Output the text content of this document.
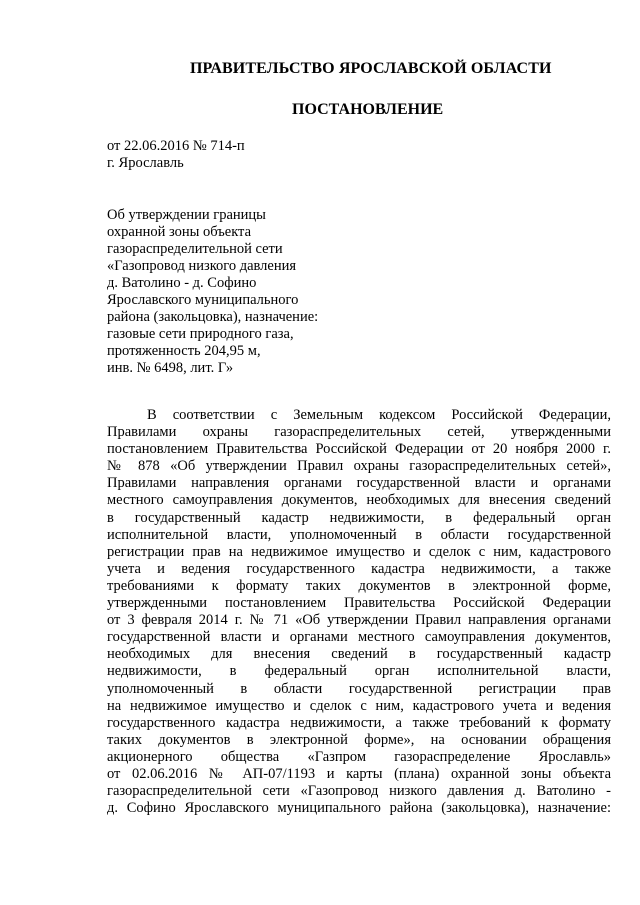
ПРАВИТЕЛЬСТВО ЯРОСЛАВСКОЙ ОБЛАСТИ
ПОСТАНОВЛЕНИЕ
от 22.06.2016 № 714-п
г. Ярославль
Об утверждении границы
охранной зоны объекта
газораспределительной сети
«Газопровод низкого давления
д. Ватолино - д. Софино
Ярославского муниципального
района (закольцовка), назначение:
газовые сети природного газа,
протяженность 204,95 м,
инв. № 6498, лит. Г»
В соответствии с Земельным кодексом Российской Федерации,
Правилами охраны газораспределительных сетей, утвержденными
постановлением Правительства Российской Федерации от 20 ноября 2000 г.
№ 878 «Об утверждении Правил охраны газораспределительных сетей»,
Правилами направления органами государственной власти и органами
местного самоуправления документов, необходимых для внесения сведений
в государственный кадастр недвижимости, в федеральный орган
исполнительной власти, уполномоченный в области государственной
регистрации прав на недвижимое имущество и сделок с ним, кадастрового
учета и ведения государственного кадастра недвижимости, а также
требованиями к формату таких документов в электронной форме,
утвержденными постановлением Правительства Российской Федерации
от 3 февраля 2014 г. № 71 «Об утверждении Правил направления органами
государственной власти и органами местного самоуправления документов,
необходимых для внесения сведений в государственный кадастр
недвижимости, в федеральный орган исполнительной власти,
уполномоченный в области государственной регистрации прав
на недвижимое имущество и сделок с ним, кадастрового учета и ведения
государственного кадастра недвижимости, а также требований к формату
таких документов в электронной форме», на основании обращения
акционерного общества «Газпром газораспределение Ярославль»
от 02.06.2016 № АП-07/1193 и карты (плана) охранной зоны объекта
газораспределительной сети «Газопровод низкого давления д. Ватолино -
д. Софино Ярославского муниципального района (закольцовка), назначение:
